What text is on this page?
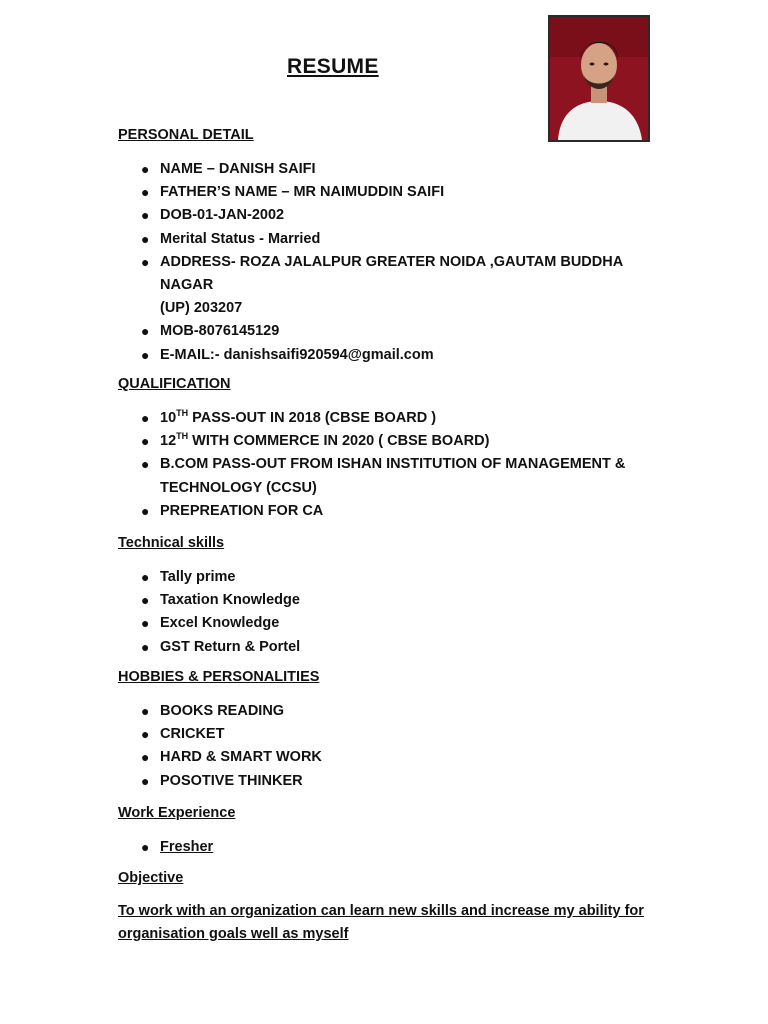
RESUME
PERSONAL DETAIL
● NAME – DANISH SAIFI
● FATHER’S NAME – MR NAIMUDDIN SAIFI
● DOB-01-JAN-2002
● Merital Status - Married
● ADDRESS- ROZA JALALPUR GREATER NOIDA ,GAUTAM BUDDHA NAGAR
(UP) 203207
● MOB-8076145129
● E-MAIL:- danishsaifi920594@gmail.com
QUALIFICATION
● 10TH PASS-OUT IN 2018 (CBSE BOARD )
● 12TH WITH COMMERCE IN 2020 ( CBSE BOARD)
● B.COM PASS-OUT FROM ISHAN INSTITUTION OF MANAGEMENT &
TECHNOLOGY (CCSU)
● PREPREATION FOR CA
Technical skills
● Tally prime
● Taxation Knowledge
● Excel Knowledge
● GST Return & Portel
HOBBIES & PERSONALITIES
● BOOKS READING
● CRICKET
● HARD & SMART WORK
● POSOTIVE THINKER
Work Experience
● Fresher
Objective

To work with an organization can learn new skills and increase my ability for organisation goals well as myself
